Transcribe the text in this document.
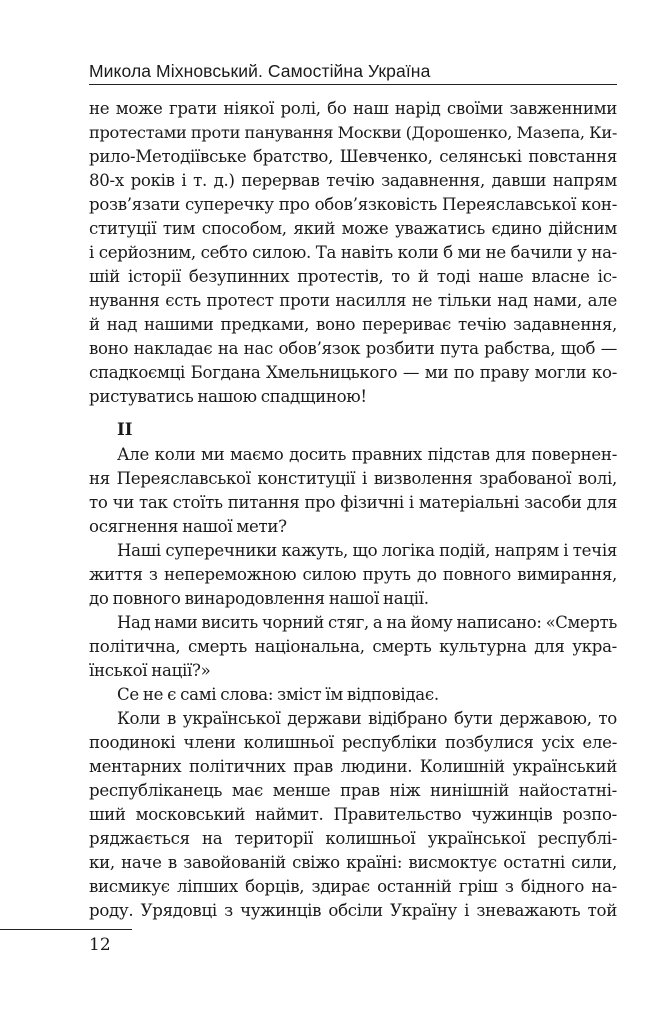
Микола Міхновський. Самостійна Україна
не може грати ніякої ролі, бо наш нарід своїми завженними
протестами проти панування Москви (Дорошенко, Мазепа, Ки-
рило-Методіївське братство, Шевченко, селянські повстання
80-х років і т. д.) перервав течію задавнення, давши напрям
розв’язати суперечку про обов’язковість Переяславської кон-
ституції тим способом, який може уважатись єдино дійсним
і серйозним, себто силою. Та навіть коли б ми не бачили у на-
шій історії безупинних протестів, то й тоді наше власне іс-
нування єсть протест проти насилля не тільки над нами, але
й над нашими предками, воно перериває течію задавнення,
воно накладає на нас обов’язок розбити пута рабства, щоб —
спадкоємці Богдана Хмельницького — ми по праву могли ко-
ристуватись нашою спадщиною!
II
Але коли ми маємо досить правних підстав для повернен-
ня Переяславської конституції і визволення зрабованої волі,
то чи так стоїть питання про фізичні і матеріальні засоби для
осягнення нашої мети?
Наші суперечники кажуть, що логіка подій, напрям і течія
життя з непереможною силою пруть до повного вимирання,
до повного винародовлення нашої нації.
Над нами висить чорний стяг, а на йому написано: «Смерть
політична, смерть національна, смерть культурна для укра-
їнської нації?»
Се не є самі слова: зміст їм відповідає.
Коли в української держави відібрано бути державою, то
поодинокі члени колишньої республіки позбулися усіх еле-
ментарних політичних прав людини. Колишній український
республіканець має менше прав ніж нинішній найостатні-
ший московський наймит. Правительство чужинців розпо-
ряджається на території колишньої української республі-
ки, наче в завойованій свіжо країні: висмоктує остатні сили,
висмикує ліпших борців, здирає останній гріш з бідного на-
роду. Урядовці з чужинців обсіли Україну і зневажають той
12
